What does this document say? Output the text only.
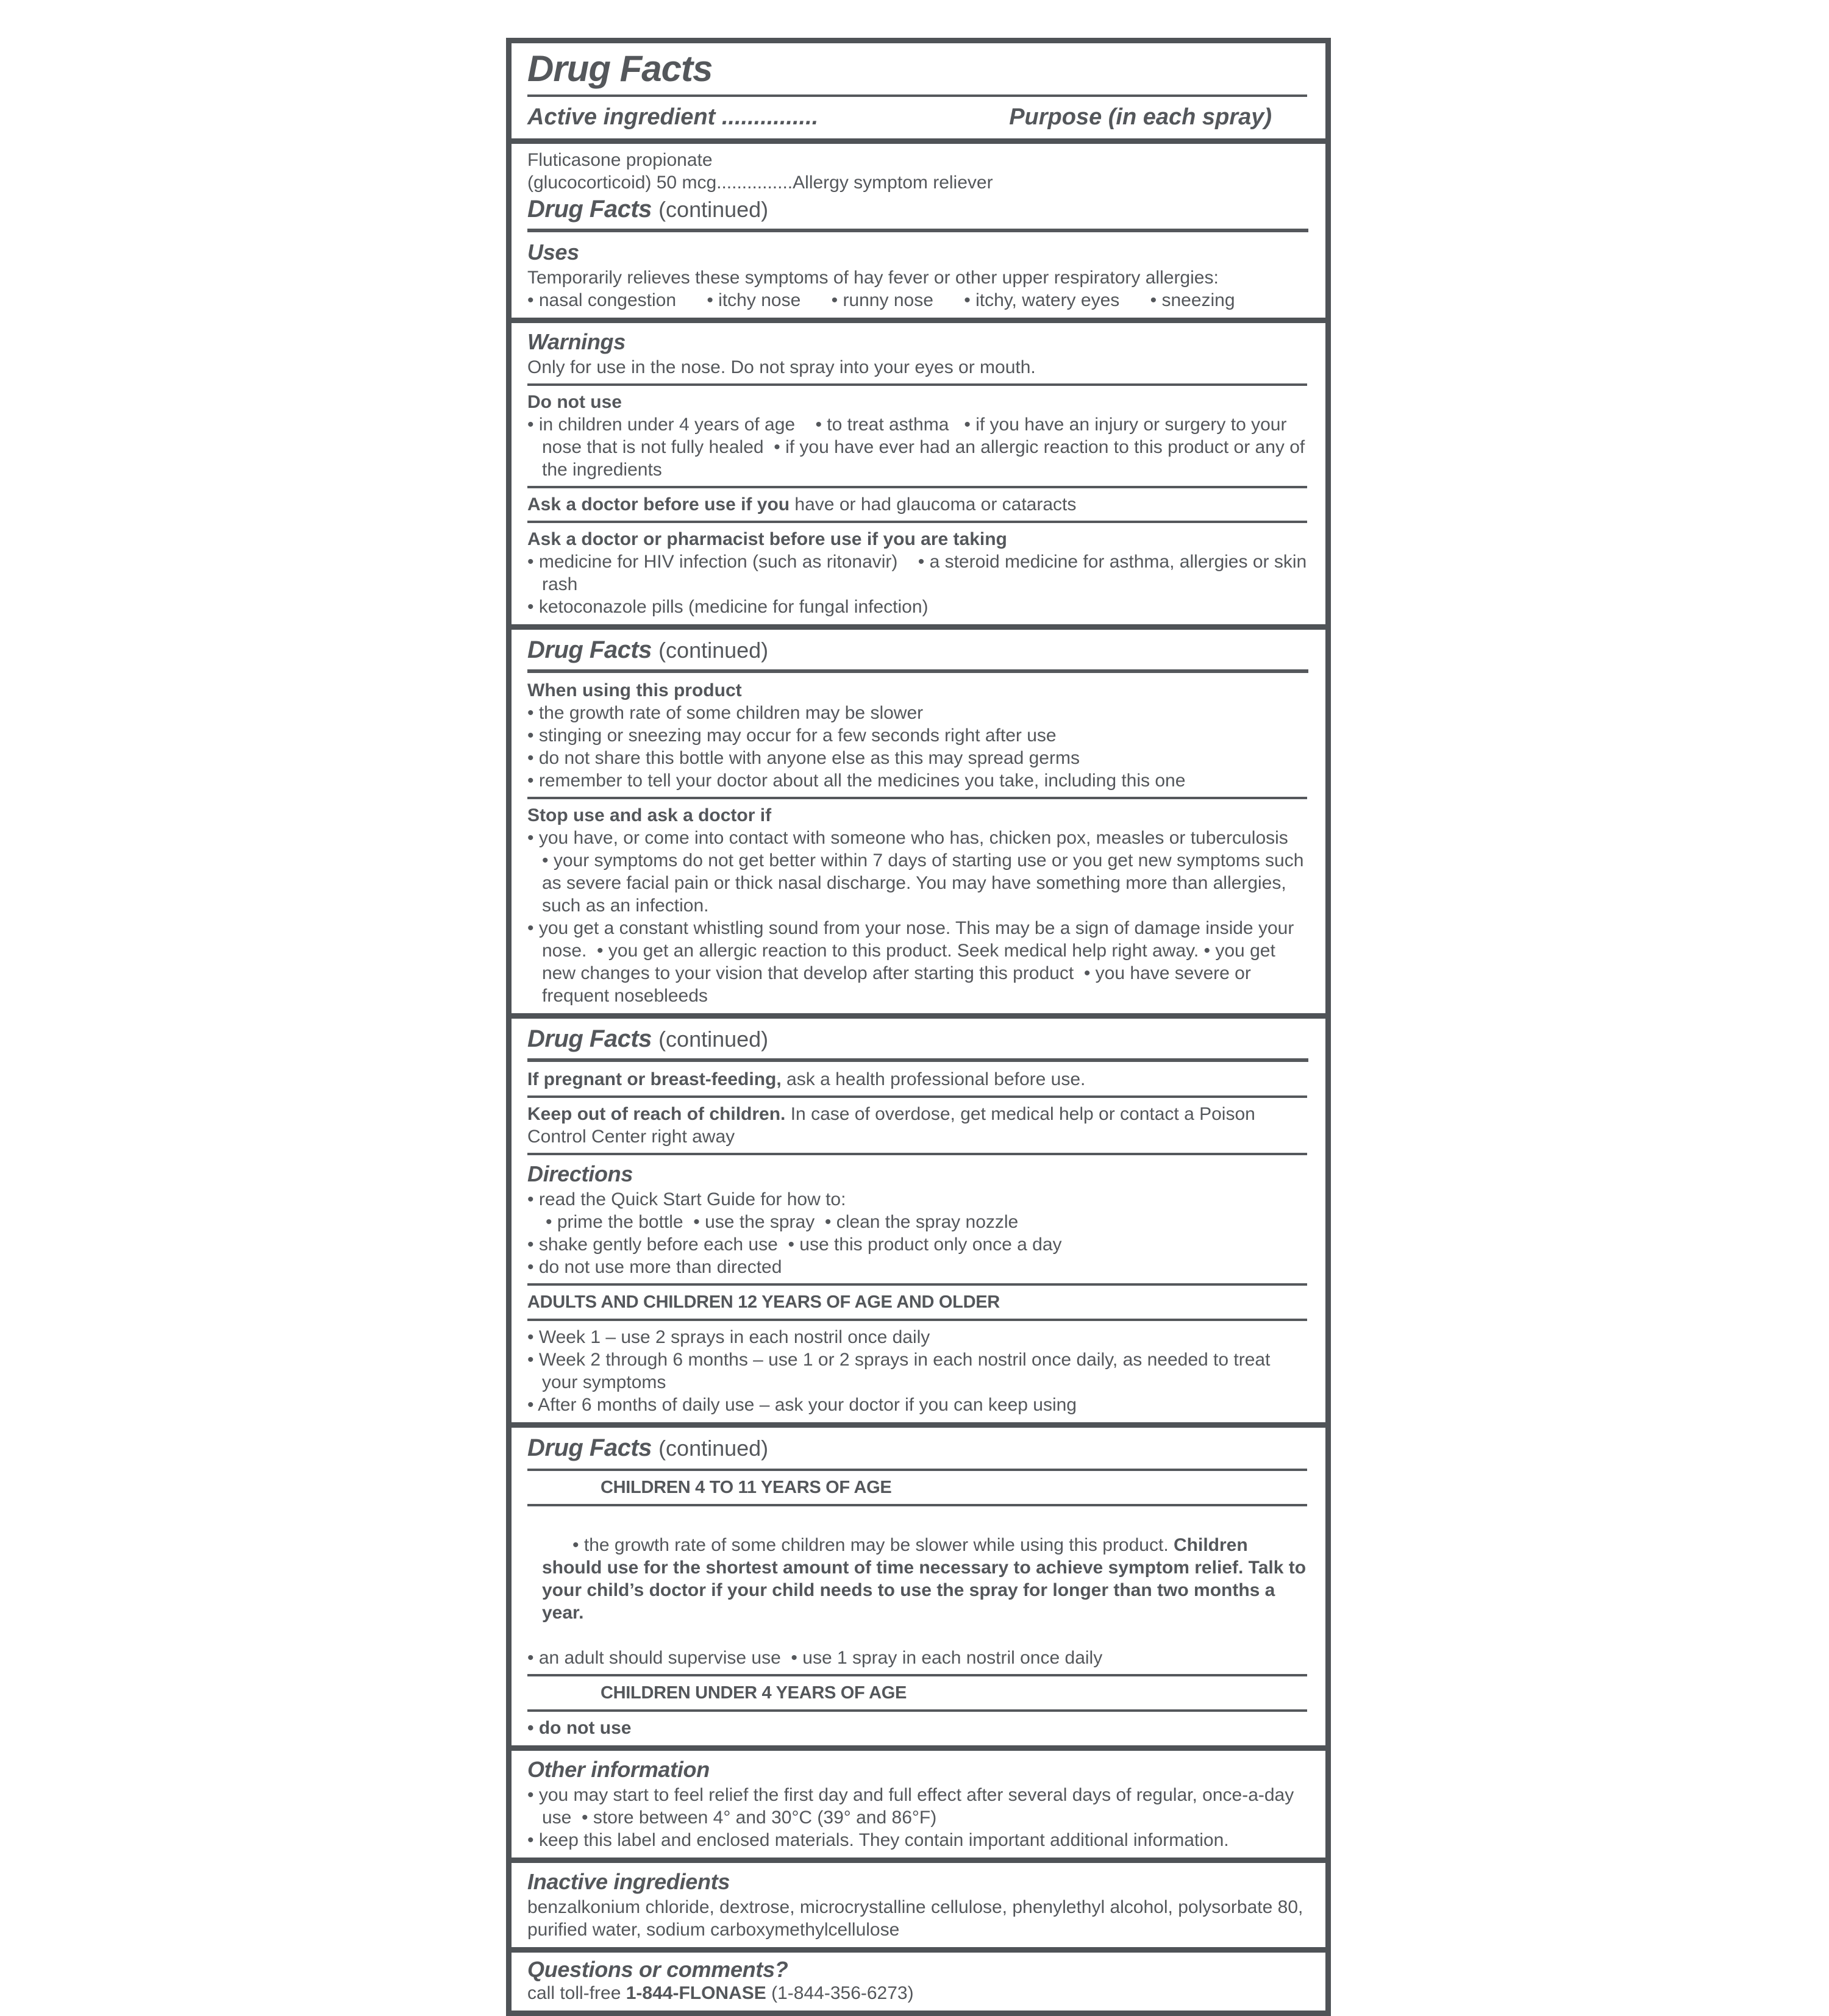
Drug Facts
Active ingredient ...............	Purpose (in each spray)
Fluticasone propionate
(glucocorticoid) 50 mcg...............Allergy symptom reliever
Drug Facts (continued)
Uses
Temporarily relieves these symptoms of hay fever or other upper respiratory allergies:
• nasal congestion • itchy nose • runny nose • itchy, watery eyes • sneezing
Warnings
Only for use in the nose. Do not spray into your eyes or mouth.
Do not use
• in children under 4 years of age    • to treat asthma   • if you have an injury or surgery to your nose that is not fully healed  • if you have ever had an allergic reaction to this product or any of the ingredients
Ask a doctor before use if you have or had glaucoma or cataracts
Ask a doctor or pharmacist before use if you are taking
• medicine for HIV infection (such as ritonavir)    • a steroid medicine for asthma, allergies or skin rash
• ketoconazole pills (medicine for fungal infection)
Drug Facts (continued)
When using this product
• the growth rate of some children may be slower
• stinging or sneezing may occur for a few seconds right after use
• do not share this bottle with anyone else as this may spread germs
• remember to tell your doctor about all the medicines you take, including this one
Stop use and ask a doctor if
• you have, or come into contact with someone who has, chicken pox, measles or tuberculosis     • your symptoms do not get better within 7 days of starting use or you get new symptoms such as severe facial pain or thick nasal discharge. You may have something more than allergies, such as an infection.
• you get a constant whistling sound from your nose. This may be a sign of damage inside your nose.  • you get an allergic reaction to this product. Seek medical help right away. • you get new changes to your vision that develop after starting this product  • you have severe or frequent nosebleeds
Drug Facts (continued)
If pregnant or breast-feeding, ask a health professional before use.
Keep out of reach of children. In case of overdose, get medical help or contact a Poison Control Center right away
Directions
• read the Quick Start Guide for how to:
• prime the bottle  • use the spray  • clean the spray nozzle
• shake gently before each use  • use this product only once a day
• do not use more than directed
ADULTS AND CHILDREN 12 YEARS OF AGE AND OLDER
• Week 1 – use 2 sprays in each nostril once daily
• Week 2 through 6 months – use 1 or 2 sprays in each nostril once daily, as needed to treat your symptoms
• After 6 months of daily use – ask your doctor if you can keep using
Drug Facts (continued)
CHILDREN 4 TO 11 YEARS OF AGE

• the growth rate of some children may be slower while using this product. Children should use for the shortest amount of time necessary to achieve symptom relief. Talk to your child’s doctor if your child needs to use the spray for longer than two months a year.

• an adult should supervise use  • use 1 spray in each nostril once daily
CHILDREN UNDER 4 YEARS OF AGE
• do not use
Other information
• you may start to feel relief the first day and full effect after several days of regular, once-a-day use  • store between 4° and 30°C (39° and 86°F)
• keep this label and enclosed materials. They contain important additional information.
Inactive ingredients
benzalkonium chloride, dextrose, microcrystalline cellulose, phenylethyl alcohol, polysorbate 80, purified water, sodium carboxymethylcellulose
Questions or comments?
call toll-free 1-844-FLONASE (1-844-356-6273)
